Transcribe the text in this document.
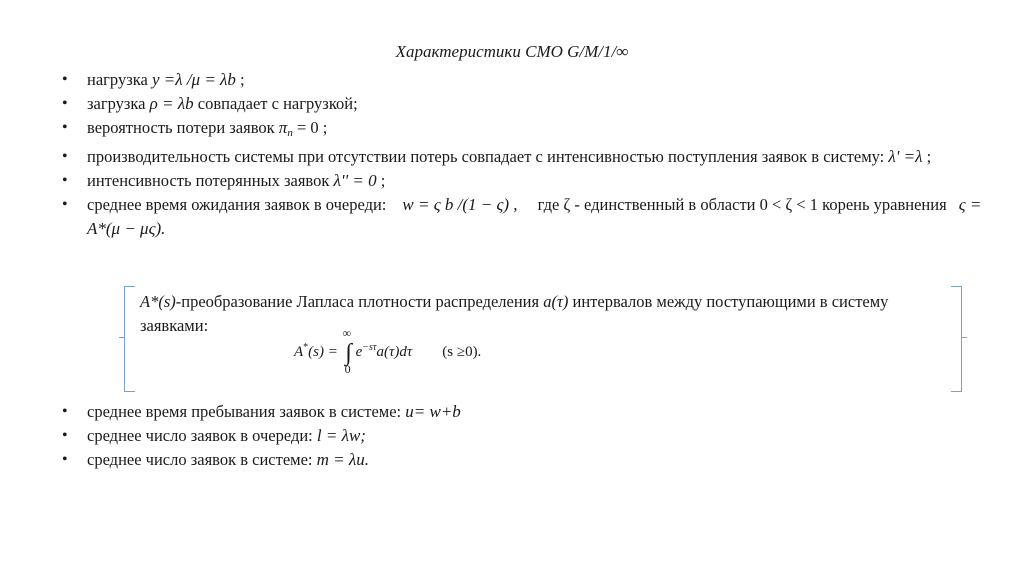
Характеристики СМО G/M/1/∞
• нагрузка y =λ /μ = λb ;
• загрузка ρ = λb совпадает с нагрузкой;
• вероятность потери заявок $\pi_n = 0$ ;
• производительность системы при отсутствии потерь совпадает с интенсивностью поступления заявок в систему: λ' =λ ;
• интенсивность потерянных заявок λ'' = 0 ;
• среднее время ожидания заявок в очереди: w = ς b /(1 − ς) , где ζ - единственный в области 0 < ζ < 1 корень уравнения ς = A*(μ − μς).
A*(s)-преобразование Лапласа плотности распределения a(τ) интервалов между поступающими в систему заявками:
A*(s) = ∫
∞
0
$e^{-s\tau}a(\tau)d\tau$ (s ≥0).
• среднее время пребывания заявок в системе: u= w+b
• среднее число заявок в очереди: l = λw;
• среднее число заявок в системе: m = λu.
